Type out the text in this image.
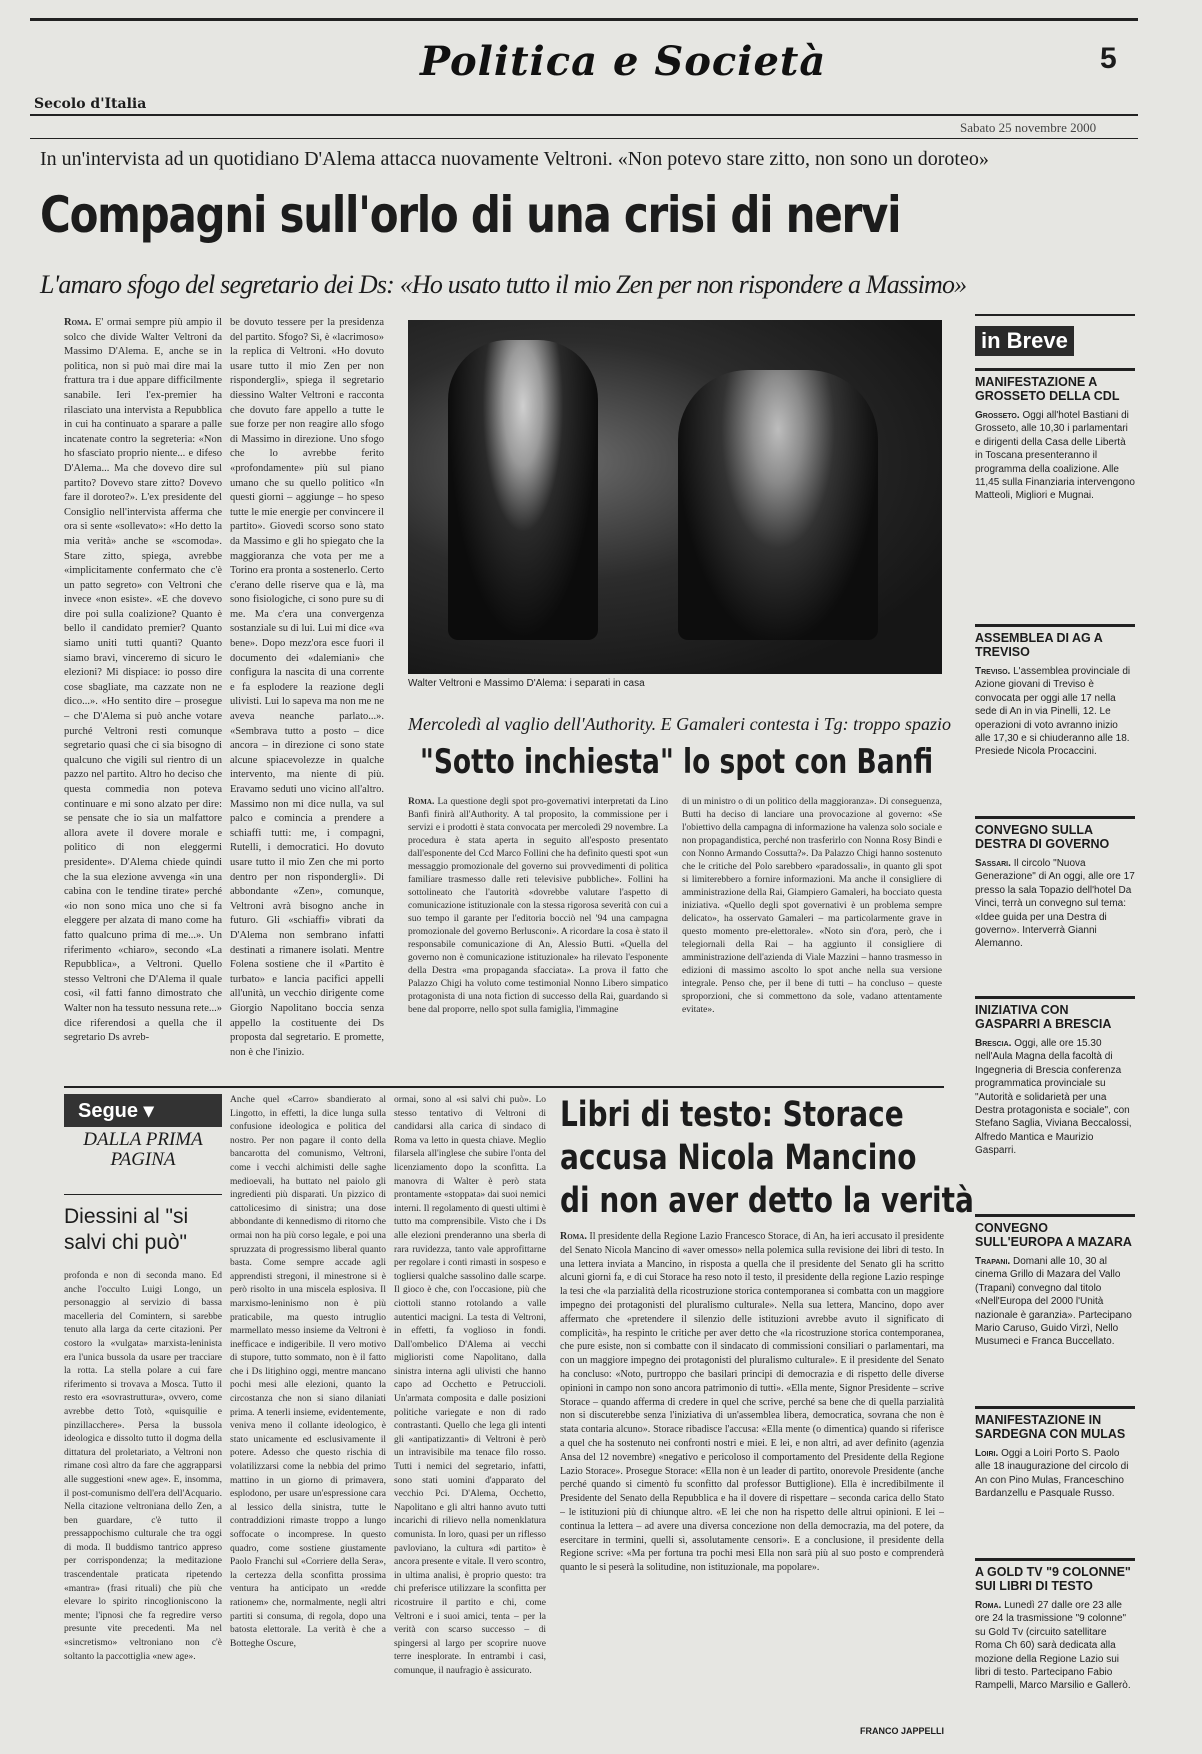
Politica e Società	5
Secolo d'Italia
Sabato 25 novembre 2000
In un'intervista ad un quotidiano D'Alema attacca nuovamente Veltroni. «Non potevo stare zitto, non sono un doroteo»
Compagni sull'orlo di una crisi di nervi
L'amaro sfogo del segretario dei Ds: «Ho usato tutto il mio Zen per non rispondere a Massimo»
Roma. E' ormai sempre più ampio il solco che divide Walter Veltroni da Massimo D'Alema. E, anche se in politica, non si può mai dire mai la frattura tra i due appare difficilmente sanabile. Ieri l'ex-premier ha rilasciato una intervista a Repubblica in cui ha continuato a sparare a palle incatenate contro la segreteria: «Non ho sfasciato proprio niente... e difeso D'Alema... Ma che dovevo dire sul partito? Dovevo stare zitto? Dovevo fare il doroteo?». L'ex presidente del Consiglio nell'intervista afferma che ora si sente «sollevato»: «Ho detto la mia verità» anche se «scomoda». Stare zitto, spiega, avrebbe «implicitamente confermato che c'è un patto segreto» con Veltroni che invece «non esiste». «E che dovevo dire poi sulla coalizione? Quanto è bello il candidato premier? Quanto siamo uniti tutti quanti? Quanto siamo bravi, vinceremo di sicuro le elezioni? Mi dispiace: io posso dire cose sbagliate, ma cazzate non ne dico...». «Ho sentito dire – prosegue – che D'Alema si può anche votare purché Veltroni resti comunque segretario quasi che ci sia bisogno di qualcuno che vigili sul rientro di un pazzo nel partito. Altro ho deciso che questa commedia non poteva continuare e mi sono alzato per dire: se pensate che io sia un malfattore allora avete il dovere morale e politico di non eleggermi presidente». D'Alema chiede quindi che la sua elezione avvenga «in una cabina con le tendine tirate» perché «io non sono mica uno che si fa eleggere per alzata di mano come ha fatto qualcuno prima di me...». Un riferimento «chiaro», secondo «La Repubblica», a Veltroni. Quello stesso Veltroni che D'Alema il quale così, «il fatti fanno dimostrato che Walter non ha tessuto nessuna rete...» dice riferendosi a quella che il segretario Ds avreb-
be dovuto tessere per la presidenza del partito. Sfogo? Sì, è «lacrimoso» la replica di Veltroni. «Ho dovuto usare tutto il mio Zen per non rispondergli», spiega il segretario diessino Walter Veltroni e racconta che dovuto fare appello a tutte le sue forze per non reagire allo sfogo di Massimo in direzione. Uno sfogo che lo avrebbe ferito «profondamente» più sul piano umano che su quello politico «In questi giorni – aggiunge – ho speso tutte le mie energie per convincere il partito». Giovedì scorso sono stato da Massimo e gli ho spiegato che la maggioranza che vota per me a Torino era pronta a sostenerlo. Certo c'erano delle riserve qua e là, ma sono fisiologiche, ci sono pure su di me. Ma c'era una convergenza sostanziale su di lui. Lui mi dice «va bene». Dopo mezz'ora esce fuori il documento dei «dalemiani» che configura la nascita di una corrente e fa esplodere la reazione degli ulivisti. Lui lo sapeva ma non me ne aveva neanche parlato...». «Sembrava tutto a posto – dice ancora – in direzione ci sono state alcune spiacevolezze in qualche intervento, ma niente di più. Eravamo seduti uno vicino all'altro. Massimo non mi dice nulla, va sul palco e comincia a prendere a schiaffi tutti: me, i compagni, Rutelli, i democratici. Ho dovuto usare tutto il mio Zen che mi porto dentro per non rispondergli». Di abbondante «Zen», comunque, Veltroni avrà bisogno anche in futuro. Gli «schiaffi» vibrati da D'Alema non sembrano infatti destinati a rimanere isolati. Mentre Folena sostiene che il «Partito è turbato» e lancia pacifici appelli all'unità, un vecchio dirigente come Giorgio Napolitano boccia senza appello la costituente dei Ds proposta dal segretario. E promette, non è che l'inizio.
Walter Veltroni e Massimo D'Alema: i separati in casa
Mercoledì al vaglio dell'Authority. E Gamaleri contesta i Tg: troppo spazio
"Sotto inchiesta" lo spot con Banfi
Roma. La questione degli spot pro-governativi interpretati da Lino Banfi finirà all'Authority. A tal proposito, la commissione per i servizi e i prodotti è stata convocata per mercoledì 29 novembre. La procedura è stata aperta in seguito all'esposto presentato dall'esponente del Ccd Marco Follini che ha definito questi spot «un messaggio promozionale del governo sui provvedimenti di politica familiare trasmesso dalle reti televisive pubbliche». Follini ha sottolineato che l'autorità «dovrebbe valutare l'aspetto di comunicazione istituzionale con la stessa rigorosa severità con cui a suo tempo il garante per l'editoria bocciò nel '94 una campagna promozionale del governo Berlusconi». A ricordare la cosa è stato il responsabile comunicazione di An, Alessio Butti. «Quella del governo non è comunicazione istituzionale» ha rilevato l'esponente della Destra «ma propaganda sfacciata». La prova il fatto che Palazzo Chigi ha voluto come testimonial Nonno Libero simpatico protagonista di una nota fiction di successo della Rai, guardando sì bene dal proporre, nello spot sulla famiglia, l'immagine
di un ministro o di un politico della maggioranza». Di conseguenza, Butti ha deciso di lanciare una provocazione al governo: «Se l'obiettivo della campagna di informazione ha valenza solo sociale e non propagandistica, perché non trasferirlo con Nonna Rosy Bindi e con Nonno Armando Cossutta?». Da Palazzo Chigi hanno sostenuto che le critiche del Polo sarebbero «paradossali», in quanto gli spot si limiterebbero a fornire informazioni. Ma anche il consigliere di amministrazione della Rai, Giampiero Gamaleri, ha bocciato questa iniziativa. «Quello degli spot governativi è un problema sempre delicato», ha osservato Gamaleri – ma particolarmente grave in questo momento pre-elettorale». «Noto sin d'ora, però, che i telegiornali della Rai – ha aggiunto il consigliere di amministrazione dell'azienda di Viale Mazzini – hanno trasmesso in edizioni di massimo ascolto lo spot anche nella sua versione integrale. Penso che, per il bene di tutti – ha concluso – queste sproporzioni, che si commettono da sole, vadano attentamente evitate».
Segue ▾
DALLA PRIMA PAGINA
Diessini al "si salvi chi può"
profonda e non di seconda mano. Ed anche l'occulto Luigi Longo, un personaggio al servizio di bassa macelleria del Comintern, si sarebbe tenuto alla larga da certe citazioni. Per costoro la «vulgata» marxista-leninista era l'unica bussola da usare per tracciare la rotta. La stella polare a cui fare riferimento si trovava a Mosca. Tutto il resto era «sovrastruttura», ovvero, come avrebbe detto Totò, «quisquilie e pinzillacchere». Persa la bussola ideologica e dissolto tutto il dogma della dittatura del proletariato, a Veltroni non rimane così altro da fare che aggrapparsi alle suggestioni «new age». E, insomma, il post-comunismo dell'era dell'Acquario. Nella citazione veltroniana dello Zen, a ben guardare, c'è tutto il pressappochismo culturale che tra oggi di moda. Il buddismo tantrico appreso per corrispondenza; la meditazione trascendentale praticata ripetendo «mantra» (frasi rituali) che più che elevare lo spirito rincoglioniscono la mente; l'ipnosi che fa regredire verso presunte vite precedenti. Ma nel «sincretismo» veltroniano non c'è soltanto la paccottiglia «new age».
Anche quel «Carro» sbandierato al Lingotto, in effetti, la dice lunga sulla confusione ideologica e politica del nostro. Per non pagare il conto della bancarotta del comunismo, Veltroni, come i vecchi alchimisti delle saghe medioevali, ha buttato nel paiolo gli ingredienti più disparati. Un pizzico di cattolicesimo di sinistra; una dose abbondante di kennedismo di ritorno che ormai non ha più corso legale, e poi una spruzzata di progressismo liberal quanto basta. Come sempre accade agli apprendisti stregoni, il minestrone si è però risolto in una miscela esplosiva. Il marxismo-leninismo non è più praticabile, ma questo intruglio marmellato messo insieme da Veltroni è inefficace e indigeribile. Il vero motivo di stupore, tutto sommato, non è il fatto che i Ds litighino oggi, mentre mancano pochi mesi alle elezioni, quanto la circostanza che non si siano dilaniati prima. A tenerli insieme, evidentemente, veniva meno il collante ideologico, è stato unicamente ed esclusivamente il potere. Adesso che questo rischia di volatilizzarsi come la nebbia del primo mattino in un giorno di primavera, esplodono, per usare un'espressione cara al lessico della sinistra, tutte le contraddizioni rimaste troppo a lungo soffocate o incomprese. In questo quadro, come sostiene giustamente Paolo Franchi sul «Corriere della Sera», la certezza della sconfitta prossima ventura ha anticipato un «redde rationem» che, normalmente, negli altri partiti si consuma, di regola, dopo una batosta elettorale. La verità è che a Botteghe Oscure,
ormai, sono al «si salvi chi può». Lo stesso tentativo di Veltroni di candidarsi alla carica di sindaco di Roma va letto in questa chiave. Meglio filarsela all'inglese che subire l'onta del licenziamento dopo la sconfitta. La manovra di Walter è però stata prontamente «stoppata» dai suoi nemici interni. Il regolamento di questi ultimi è tutto ma comprensibile. Visto che i Ds alle elezioni prenderanno una sberla di rara ruvidezza, tanto vale approfittarne per regolare i conti rimasti in sospeso e togliersi qualche sassolino dalle scarpe. Il gioco è che, con l'occasione, più che ciottoli stanno rotolando a valle autentici macigni. La testa di Veltroni, in effetti, fa voglioso in fondi. Dall'ombelico D'Alema ai vecchi miglioristi come Napolitano, dalla sinistra interna agli ulivisti che hanno capo ad Occhetto e Petruccioli. Un'armata composita e dalle posizioni politiche variegate e non di rado contrastanti. Quello che lega gli intenti gli «antipatizzanti» di Veltroni è però un intravisibile ma tenace filo rosso. Tutti i nemici del segretario, infatti, sono stati uomini d'apparato del vecchio Pci. D'Alema, Occhetto, Napolitano e gli altri hanno avuto tutti incarichi di rilievo nella nomenklatura comunista. In loro, quasi per un riflesso pavloviano, la cultura «di partito» è ancora presente e vitale. Il vero scontro, in ultima analisi, è proprio questo: tra chi preferisce utilizzare la sconfitta per ricostruire il partito e chi, come Veltroni e i suoi amici, tenta – per la verità con scarso successo – di spingersi al largo per scoprire nuove terre inesplorate. In entrambi i casi, comunque, il naufragio è assicurato.
Libri di testo: Storace
accusa Nicola Mancino
di non aver detto la verità
Roma. Il presidente della Regione Lazio Francesco Storace, di An, ha ieri accusato il presidente del Senato Nicola Mancino di «aver omesso» nella polemica sulla revisione dei libri di testo. In una lettera inviata a Mancino, in risposta a quella che il presidente del Senato gli ha scritto alcuni giorni fa, e di cui Storace ha reso noto il testo, il presidente della regione Lazio respinge la tesi che «la parzialità della ricostruzione storica contemporanea si combatta con un maggiore impegno dei protagonisti del pluralismo culturale». Nella sua lettera, Mancino, dopo aver affermato che «pretendere il silenzio delle istituzioni avrebbe avuto il significato di complicità», ha respinto le critiche per aver detto che «la ricostruzione storica contemporanea, che pure esiste, non si combatte con il sindacato di commissioni consiliari o parlamentari, ma con un maggiore impegno dei protagonisti del pluralismo culturale». E il presidente del Senato ha concluso: «Noto, purtroppo che basilari principi di democrazia e di rispetto delle diverse opinioni in campo non sono ancora patrimonio di tutti». «Ella mente, Signor Presidente – scrive Storace – quando afferma di credere in quel che scrive, perché sa bene che di quella parzialità non si discuterebbe senza l'iniziativa di un'assemblea libera, democratica, sovrana che non è stata contaria alcuno». Storace ribadisce l'accusa: «Ella mente (o dimentica) quando si riferisce a quel che ha sostenuto nei confronti nostri e miei. E lei, e non altri, ad aver definito (agenzia Ansa del 12 novembre) «negativo e pericoloso il comportamento del Presidente della Regione Lazio Storace». Prosegue Storace: «Ella non è un leader di partito, onorevole Presidente (anche perché quando si cimentò fu sconfitto dal professor Buttiglione). Ella è incredibilmente il Presidente del Senato della Repubblica e ha il dovere di rispettare – seconda carica dello Stato – le istituzioni più di chiunque altro. «E lei che non ha rispetto delle altrui opinioni. E lei – continua la lettera – ad avere una diversa concezione non della democrazia, ma del potere, da esercitare in termini, quelli sì, assolutamente censori». E a conclusione, il presidente della Regione scrive: «Ma per fortuna tra pochi mesi Ella non sarà più al suo posto e comprenderà quanto le si peserà la solitudine, non istituzionale, ma popolare».
FRANCO JAPPELLI
in Breve
MANIFESTAZIONE A GROSSETO DELLA CDL
Grosseto. Oggi all'hotel Bastiani di Grosseto, alle 10,30 i parlamentari e dirigenti della Casa delle Libertà in Toscana presenteranno il programma della coalizione. Alle 11,45 sulla Finanziaria intervengono Matteoli, Migliori e Mugnai.
ASSEMBLEA DI AG A TREVISO
Treviso. L'assemblea provinciale di Azione giovani di Treviso è convocata per oggi alle 17 nella sede di An in via Pinelli, 12. Le operazioni di voto avranno inizio alle 17,30 e si chiuderanno alle 18. Presiede Nicola Procaccini.
CONVEGNO SULLA DESTRA DI GOVERNO
Sassari. Il circolo "Nuova Generazione" di An oggi, alle ore 17 presso la sala Topazio dell'hotel Da Vinci, terrà un convegno sul tema: «Idee guida per una Destra di governo». Interverrà Gianni Alemanno.
INIZIATIVA CON GASPARRI A BRESCIA
Brescia. Oggi, alle ore 15.30 nell'Aula Magna della facoltà di Ingegneria di Brescia conferenza programmatica provinciale su "Autorità e solidarietà per una Destra protagonista e sociale", con Stefano Saglia, Viviana Beccalossi, Alfredo Mantica e Maurizio Gasparri.
CONVEGNO SULL'EUROPA A MAZARA
Trapani. Domani alle 10, 30 al cinema Grillo di Mazara del Vallo (Trapani) convegno dal titolo «Nell'Europa del 2000 l'Unità nazionale è garanzia». Partecipano Mario Caruso, Guido Virzì, Nello Musumeci e Franca Buccellato.
MANIFESTAZIONE IN SARDEGNA CON MULAS
Loiri. Oggi a Loiri Porto S. Paolo alle 18 inaugurazione del circolo di An con Pino Mulas, Franceschino Bardanzellu e Pasquale Russo.
A GOLD TV "9 COLONNE" SUI LIBRI DI TESTO
Roma. Lunedì 27 dalle ore 23 alle ore 24 la trasmissione "9 colonne" su Gold Tv (circuito satellitare Roma Ch 60) sarà dedicata alla mozione della Regione Lazio sui libri di testo. Partecipano Fabio Rampelli, Marco Marsilio e Gallerò.
